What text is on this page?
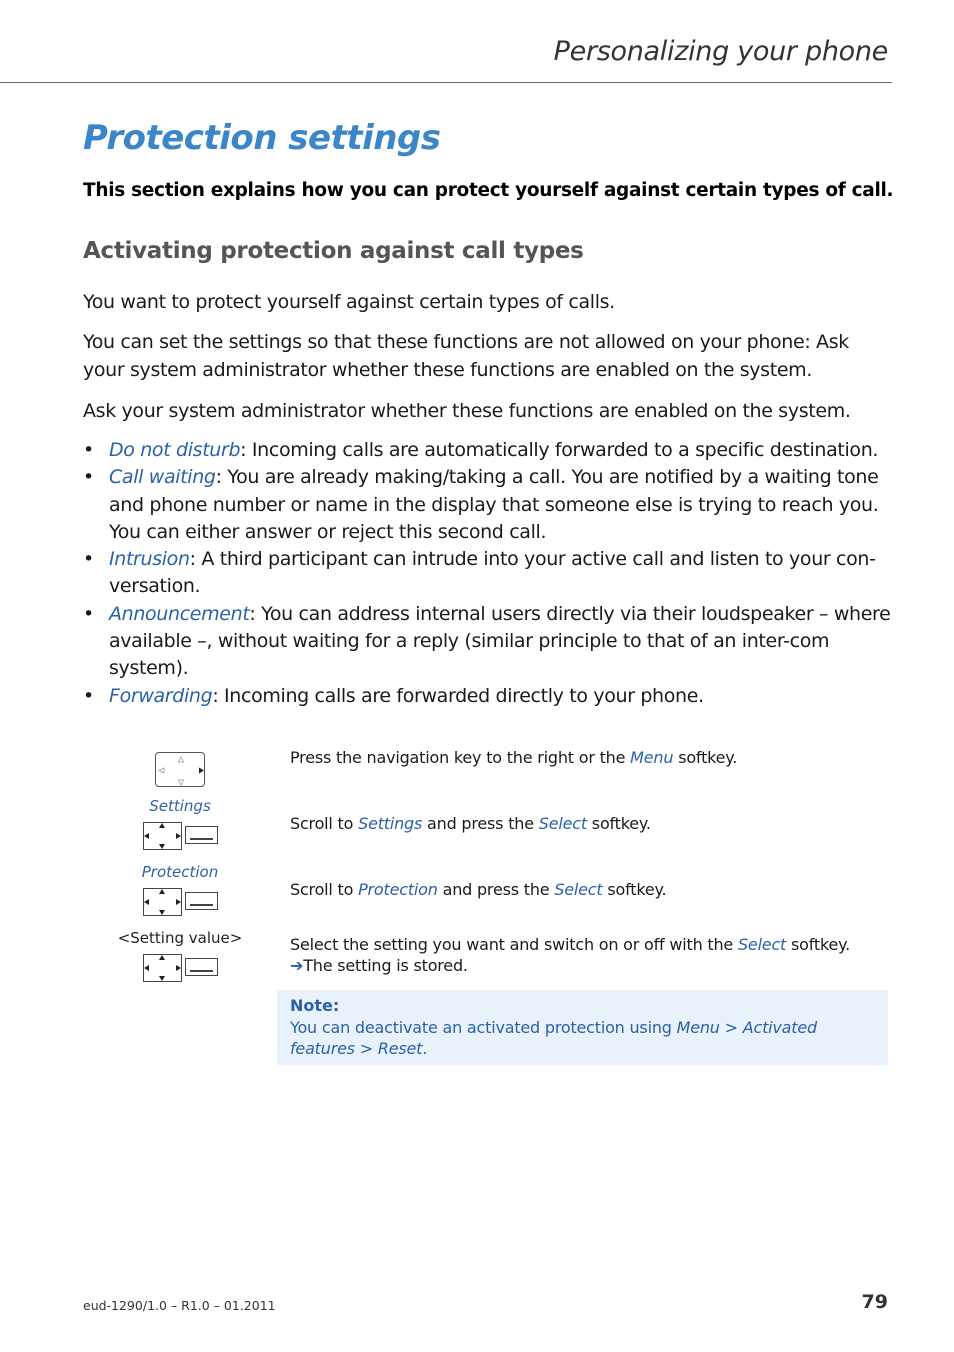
Personalizing your phone
Protection settings
This section explains how you can protect yourself against certain types of call.
Activating protection against call types
You want to protect yourself against certain types of calls.
You can set the settings so that these functions are not allowed on your phone: Ask your system administrator whether these functions are enabled on the system.
Ask your system administrator whether these functions are enabled on the system.
• Do not disturb: Incoming calls are automatically forwarded to a specific destination.
• Call waiting: You are already making/taking a call. You are notified by a waiting tone and phone number or name in the display that someone else is trying to reach you. You can either answer or reject this second call.
• Intrusion: A third participant can intrude into your active call and listen to your con-versation.
• Announcement: You can address internal users directly via their loudspeaker – where available –, without waiting for a reply (similar principle to that of an inter-com system).
• Forwarding: Incoming calls are forwarded directly to your phone.
Press the navigation key to the right or the Menu softkey.
Settings
Scroll to Settings and press the Select softkey.
Protection
Scroll to Protection and press the Select softkey.
<Setting value>	Select the setting you want and switch on or off with the Select softkey.
➔The setting is stored.
Note:
You can deactivate an activated protection using Menu > Activated features > Reset.
eud-1290/1.0 – R1.0 – 01.2011	79
